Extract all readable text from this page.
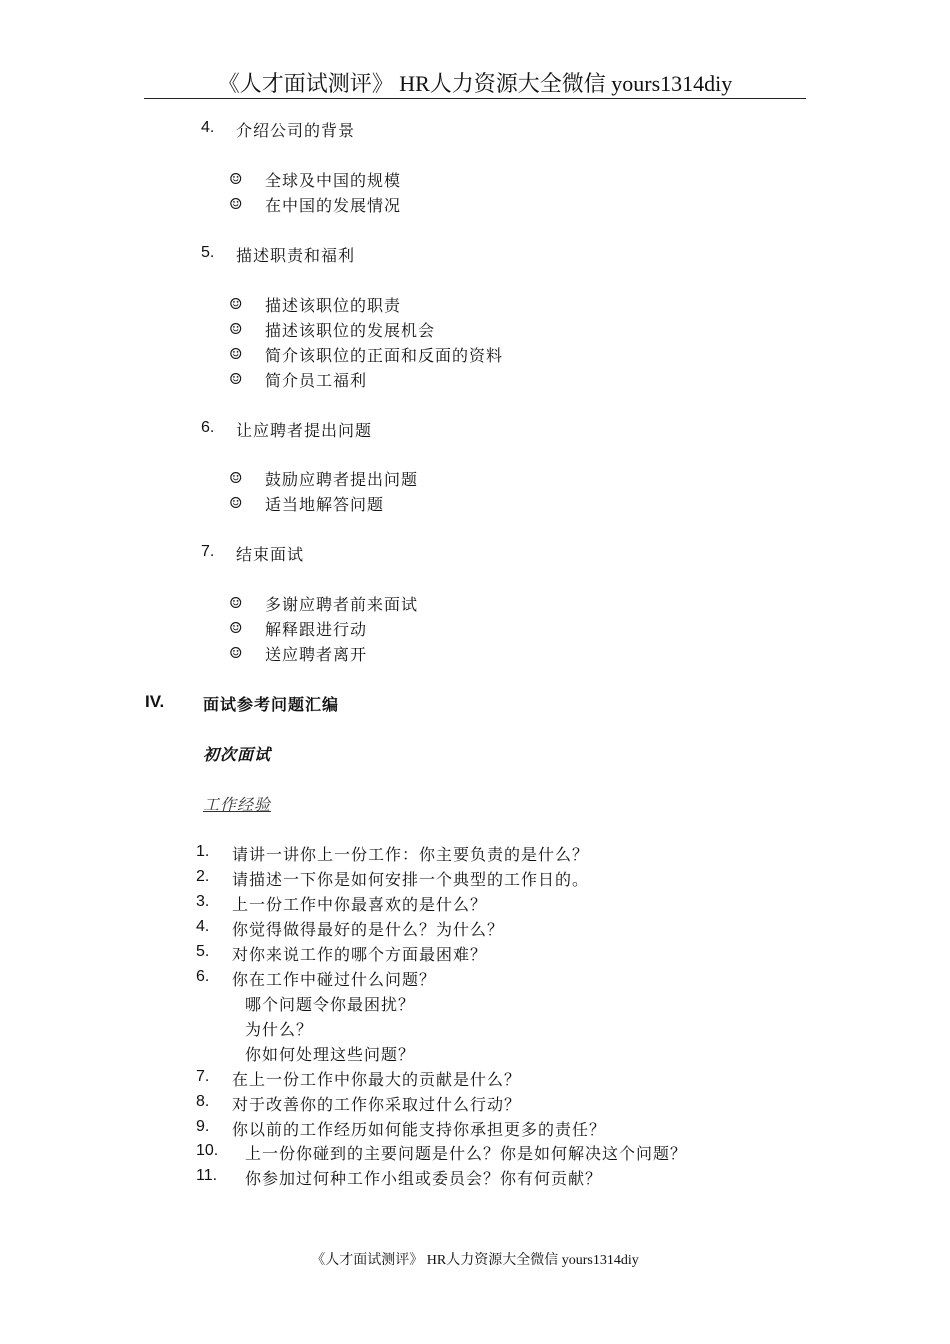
《人才面试测评》 HR人力资源大全微信 yours1314diy
4. 介绍公司的背景
☺ 全球及中国的规模
☺ 在中国的发展情况
5. 描述职责和福利
☺ 描述该职位的职责
☺ 描述该职位的发展机会
☺ 简介该职位的正面和反面的资料
☺ 简介员工福利
6. 让应聘者提出问题
☺ 鼓励应聘者提出问题
☺ 适当地解答问题
7. 结束面试
☺ 多谢应聘者前来面试
☺ 解释跟进行动
☺ 送应聘者离开
IV. 面试参考问题汇编
初次面试
工作经验
1. 请讲一讲你上一份工作：你主要负责的是什么？
2. 请描述一下你是如何安排一个典型的工作日的。
3. 上一份工作中你最喜欢的是什么？
4. 你觉得做得最好的是什么？为什么？
5. 对你来说工作的哪个方面最困难？
6. 你在工作中碰过什么问题？
哪个问题令你最困扰？
为什么？
你如何处理这些问题？
7. 在上一份工作中你最大的贡献是什么？
8. 对于改善你的工作你采取过什么行动？
9. 你以前的工作经历如何能支持你承担更多的责任？
10. 上一份你碰到的主要问题是什么？你是如何解决这个问题？
11. 你参加过何种工作小组或委员会？你有何贡献？
《人才面试测评》 HR人力资源大全微信 yours1314diy
